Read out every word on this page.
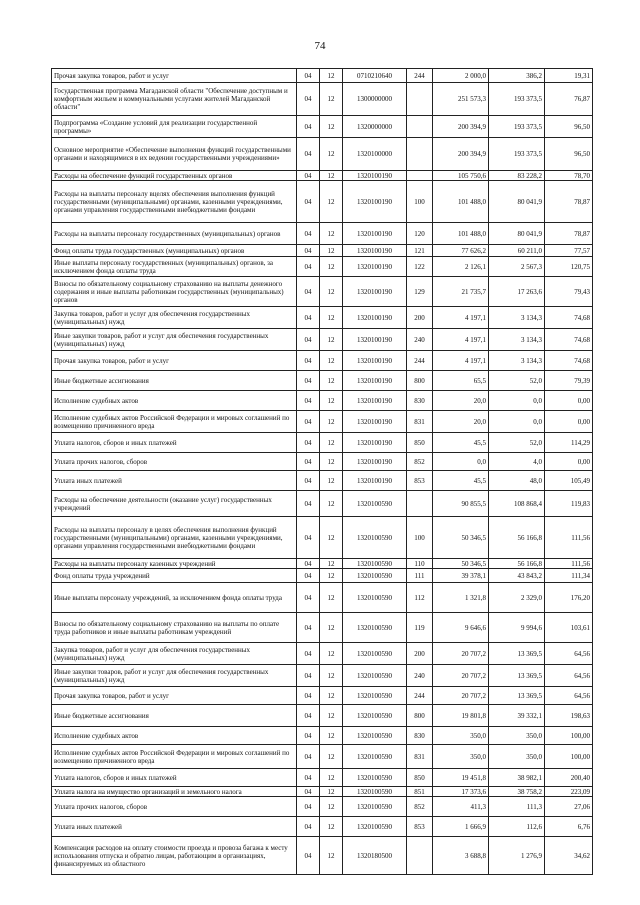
74
Прочая закупка товаров, работ и услуг	04	12	0710210640	244	2 000,0	386,2	19,31
Государственная программа Магаданской области "Обеспечение доступным и комфортным жильем и коммунальными услугами жителей Магаданской области"	04	12	1300000000		251 573,3	193 373,5	76,87
Подпрограмма «Создание условий для реализации государственной программы»	04	12	1320000000		200 394,9	193 373,5	96,50
Основное мероприятие «Обеспечение выполнения функций государственными органами и находящимися в их ведении государственными учреждениями»	04	12	1320100000		200 394,9	193 373,5	96,50
Расходы на обеспечение функций государственных органов	04	12	1320100190		105 750,6	83 228,2	78,70
Расходы на выплаты персоналу вцелях обеспечения выполнения функций государственными (муниципальными) органами, казенными учреждениями, органами управления государственными внебюджетными фондами	04	12	1320100190	100	101 488,0	80 041,9	78,87
Расходы на выплаты персоналу государственных (муниципальных) органов	04	12	1320100190	120	101 488,0	80 041,9	78,87
Фонд оплаты труда государственных (муниципальных) органов	04	12	1320100190	121	77 626,2	60 211,0	77,57
Иные выплаты персоналу государственных (муниципальных) органов, за исключением фонда оплаты труда	04	12	1320100190	122	2 126,1	2 567,3	120,75
Взносы по обязательному социальному страхованию на выплаты денежного содержания и иные выплаты работникам государственных (муниципальных) органов	04	12	1320100190	129	21 735,7	17 263,6	79,43
Закупка товаров, работ и услуг для обеспечения государственных (муниципальных) нужд	04	12	1320100190	200	4 197,1	3 134,3	74,68
Иные закупки товаров, работ и услуг для обеспечения государственных (муниципальных) нужд	04	12	1320100190	240	4 197,1	3 134,3	74,68
Прочая закупка товаров, работ и услуг	04	12	1320100190	244	4 197,1	3 134,3	74,68
Иные бюджетные ассигнования	04	12	1320100190	800	65,5	52,0	79,39
Исполнение судебных актов	04	12	1320100190	830	20,0	0,0	0,00
Исполнение судебных актов Российской Федерации и мировых соглашений по возмещению причиненного вреда	04	12	1320100190	831	20,0	0,0	0,00
Уплата налогов, сборов и иных платежей	04	12	1320100190	850	45,5	52,0	114,29
Уплата прочих налогов, сборов	04	12	1320100190	852	0,0	4,0	0,00
Уплата иных платежей	04	12	1320100190	853	45,5	48,0	105,49
Расходы на обеспечение деятельности (оказание услуг) государственных учреждений	04	12	1320100590		90 855,5	108 868,4	119,83
Расходы на выплаты персоналу в целях обеспечения выполнения функций государственными (муниципальными) органами, казенными учреждениями, органами управления государственными внебюджетными фондами	04	12	1320100590	100	50 346,5	56 166,8	111,56
Расходы на выплаты персоналу казенных учреждений	04	12	1320100590	110	50 346,5	56 166,8	111,56
Фонд оплаты труда учреждений	04	12	1320100590	111	39 378,1	43 843,2	111,34
Иные выплаты персоналу учреждений, за исключением фонда оплаты труда	04	12	1320100590	112	1 321,8	2 329,0	176,20
Взносы по обязательному социальному страхованию на выплаты по оплате труда работников и иные выплаты работникам учреждений	04	12	1320100590	119	9 646,6	9 994,6	103,61
Закупка товаров, работ и услуг для обеспечения государственных (муниципальных) нужд	04	12	1320100590	200	20 707,2	13 369,5	64,56
Иные закупки товаров, работ и услуг для обеспечения государственных (муниципальных) нужд	04	12	1320100590	240	20 707,2	13 369,5	64,56
Прочая закупка товаров, работ и услуг	04	12	1320100590	244	20 707,2	13 369,5	64,56
Иные бюджетные ассигнования	04	12	1320100590	800	19 801,8	39 332,1	198,63
Исполнение судебных актов	04	12	1320100590	830	350,0	350,0	100,00
Исполнение судебных актов Российской Федерации и мировых соглашений по возмещению причиненного вреда	04	12	1320100590	831	350,0	350,0	100,00
Уплата налогов, сборов и иных платежей	04	12	1320100590	850	19 451,8	38 982,1	200,40
Уплата налога на имущество организаций и земельного налога	04	12	1320100590	851	17 373,6	38 758,2	223,09
Уплата прочих налогов, сборов	04	12	1320100590	852	411,3	111,3	27,06
Уплата иных платежей	04	12	1320100590	853	1 666,9	112,6	6,76
Компенсация расходов на оплату стоимости проезда и провоза багажа к месту использования отпуска и обратно лицам, работающим в организациях, финансируемых из областного	04	12	1320180500		3 688,8	1 276,9	34,62
